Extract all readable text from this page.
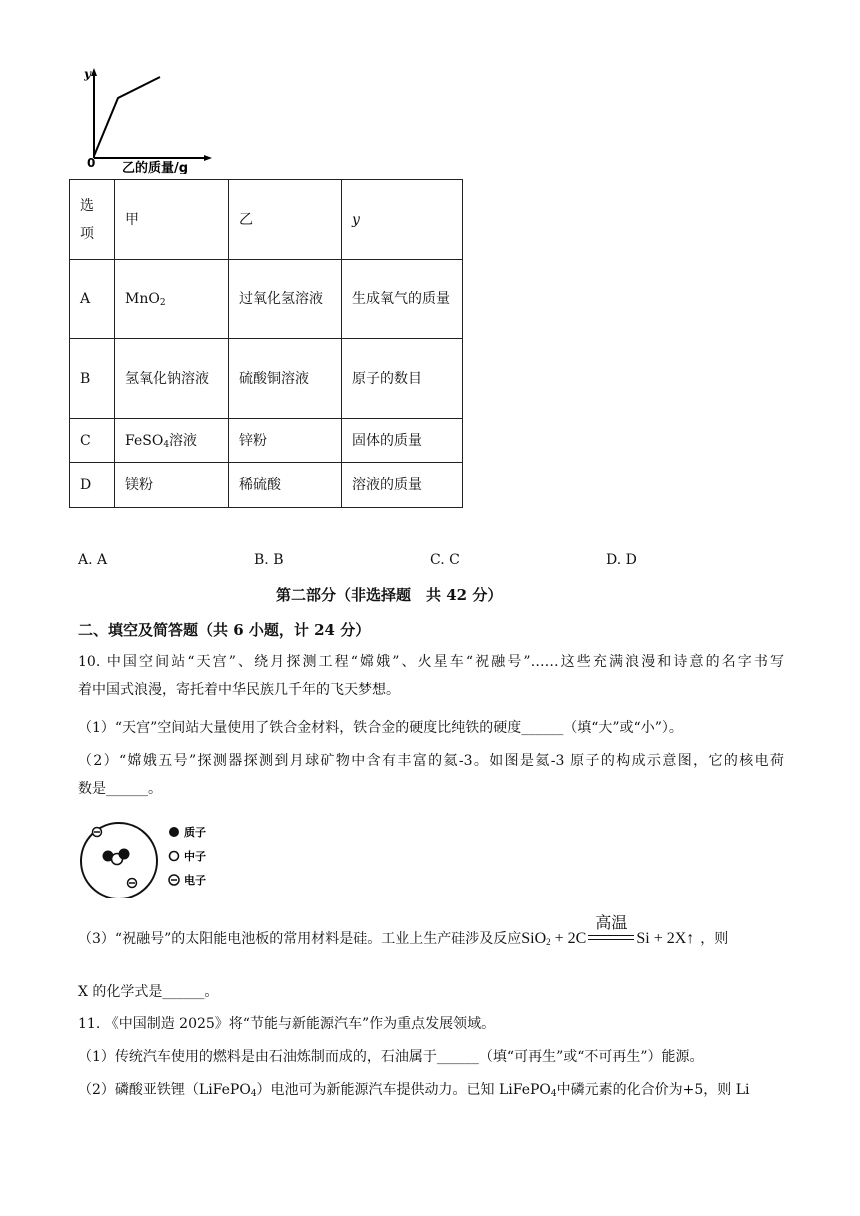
y
0 乙的质量/g
选项	甲	乙	y
A	MnO$_2$	过氧化氢溶液	生成氧气的质量
B	氢氧化钠溶液	硫酸铜溶液	原子的数目
C	FeSO$_4$溶液	锌粉	固体的质量
D	镁粉	稀硫酸	溶液的质量
A. A	B. B	C. C	D. D
第二部分（非选择题　共 42 分）
二、填空及简答题（共 6 小题，计 24 分）
10. 中国空间站“天宫”、绕月探测工程“嫦娥”、火星车“祝融号”……这些充满浪漫和诗意的名字书写
着中国式浪漫，寄托着中华民族几千年的飞天梦想。
（1）“天宫”空间站大量使用了铁合金材料，铁合金的硬度比纯铁的硬度______（填“大”或“小”）。
（2）“嫦娥五号”探测器探测到月球矿物中含有丰富的氦-3。如图是氦-3 原子的构成示意图，它的核电荷
数是______。
质子
中子
电子
（3）“祝融号”的太阳能电池板的常用材料是硅。工业上生产硅涉及反应SiO$_2$ + 2C
高温
Si + 2X↑ ，则
X 的化学式是______。
11. 《中国制造 2025》将“节能与新能源汽车”作为重点发展领域。
（1）传统汽车使用的燃料是由石油炼制而成的，石油属于______（填“可再生”或“不可再生”）能源。
（2）磷酸亚铁锂（LiFePO$_4$）电池可为新能源汽车提供动力。已知 LiFePO$_4$中磷元素的化合价为+5，则 Li
